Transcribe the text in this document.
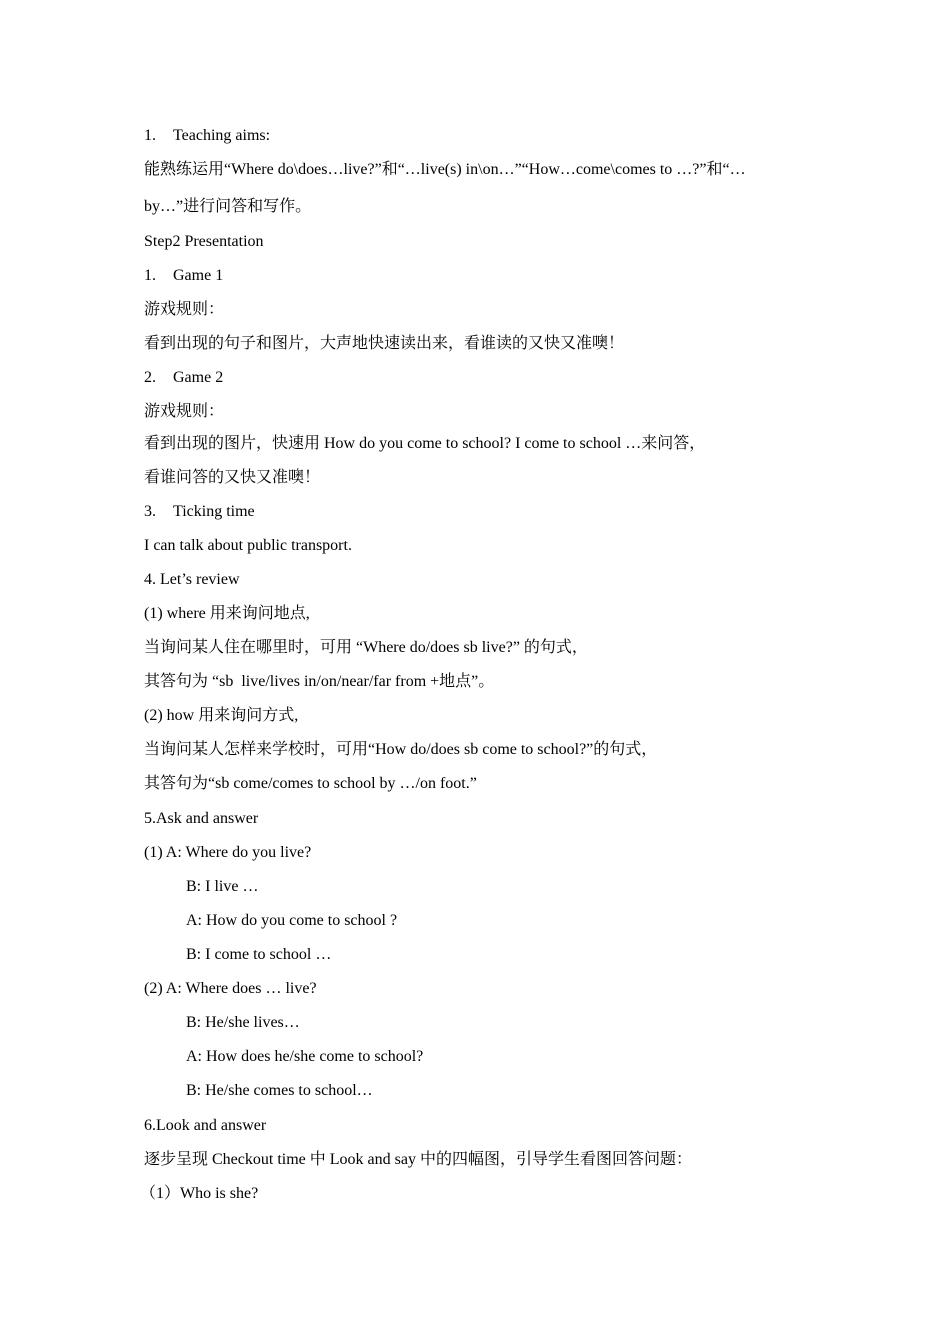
1. Teaching aims:
能熟练运用“Where do\does…live?”和“…live(s) in\on…”“How…come\comes to …?”和“…
by…”进行问答和写作。
Step2 Presentation
1. Game 1
游戏规则：
看到出现的句子和图片，大声地快速读出来，看谁读的又快又准噢！
2. Game 2
游戏规则：
看到出现的图片，快速用 How do you come to school? I come to school …来问答，
看谁问答的又快又准噢！
3. Ticking time
I can talk about public transport.
4. Let’s review
(1) where 用来询问地点,
当询问某人住在哪里时，可用 “Where do/does sb live?” 的句式，
其答句为 “sb  live/lives in/on/near/far from +地点”。
(2) how 用来询问方式,
当询问某人怎样来学校时，可用“How do/does sb come to school?”的句式，
其答句为“sb come/comes to school by …/on foot.”
5.Ask and answer
(1) A: Where do you live?
B: I live …
A: How do you come to school ?
B: I come to school …
(2) A: Where does … live?
B: He/she lives…
A: How does he/she come to school?
B: He/she comes to school…
6.Look and answer
逐步呈现 Checkout time 中 Look and say 中的四幅图，引导学生看图回答问题：
（1）Who is she?
